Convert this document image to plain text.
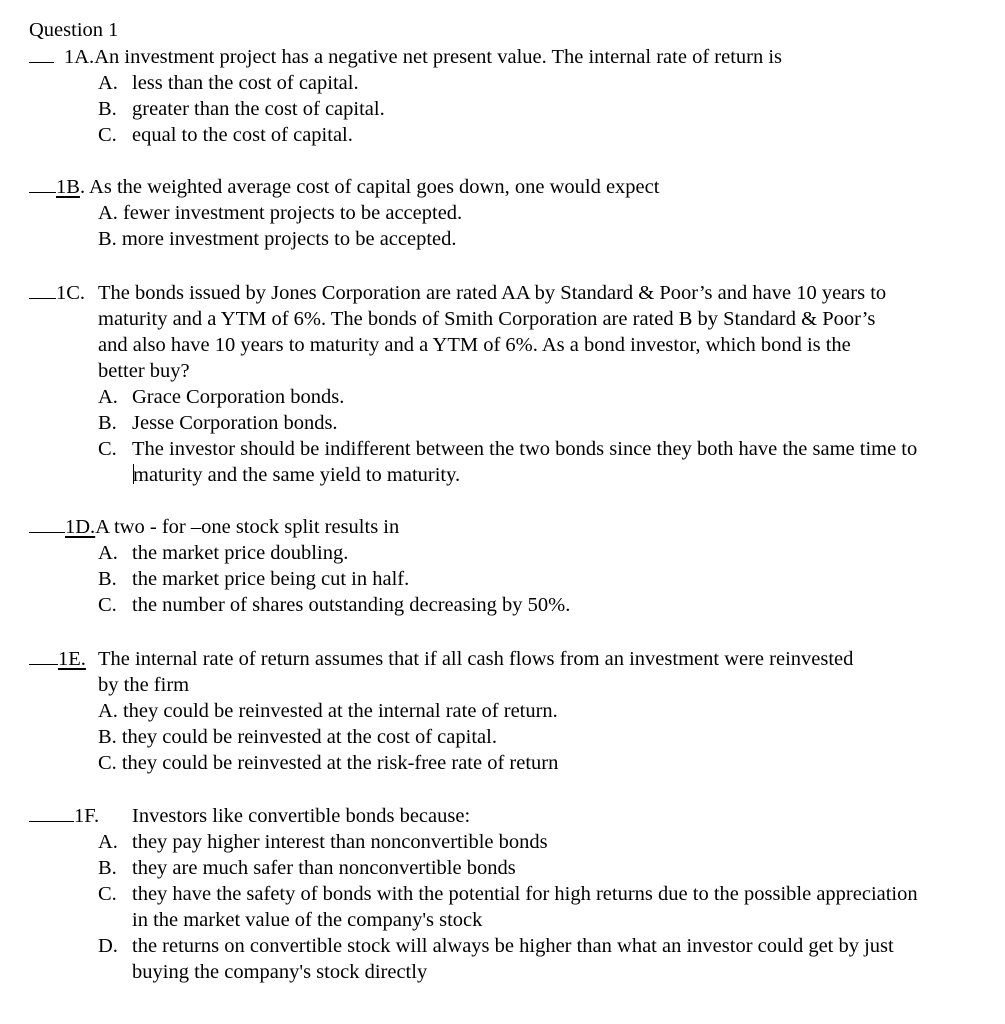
Question 1
1A.An investment project has a negative net present value. The internal rate of return is
A. less than the cost of capital.
B. greater than the cost of capital.
C. equal to the cost of capital.
1B. As the weighted average cost of capital goes down, one would expect
A. fewer investment projects to be accepted.
B. more investment projects to be accepted.
1C. The bonds issued by Jones Corporation are rated AA by Standard & Poor’s and have 10 years to maturity and a YTM of 6%. The bonds of Smith Corporation are rated B by Standard & Poor’s and also have 10 years to maturity and a YTM of 6%. As a bond investor, which bond is the better buy?
A. Grace Corporation bonds.
B. Jesse Corporation bonds.
C. The investor should be indifferent between the two bonds since they both have the same time to maturity and the same yield to maturity.
1D.A two - for –one stock split results in
A. the market price doubling.
B. the market price being cut in half.
C. the number of shares outstanding decreasing by 50%.
1E. The internal rate of return assumes that if all cash flows from an investment were reinvested by the firm
A. they could be reinvested at the internal rate of return.
B. they could be reinvested at the cost of capital.
C. they could be reinvested at the risk-free rate of return
1F. Investors like convertible bonds because:
A. they pay higher interest than nonconvertible bonds
B. they are much safer than nonconvertible bonds
C. they have the safety of bonds with the potential for high returns due to the possible appreciation in the market value of the company's stock
D. the returns on convertible stock will always be higher than what an investor could get by just buying the company's stock directly
